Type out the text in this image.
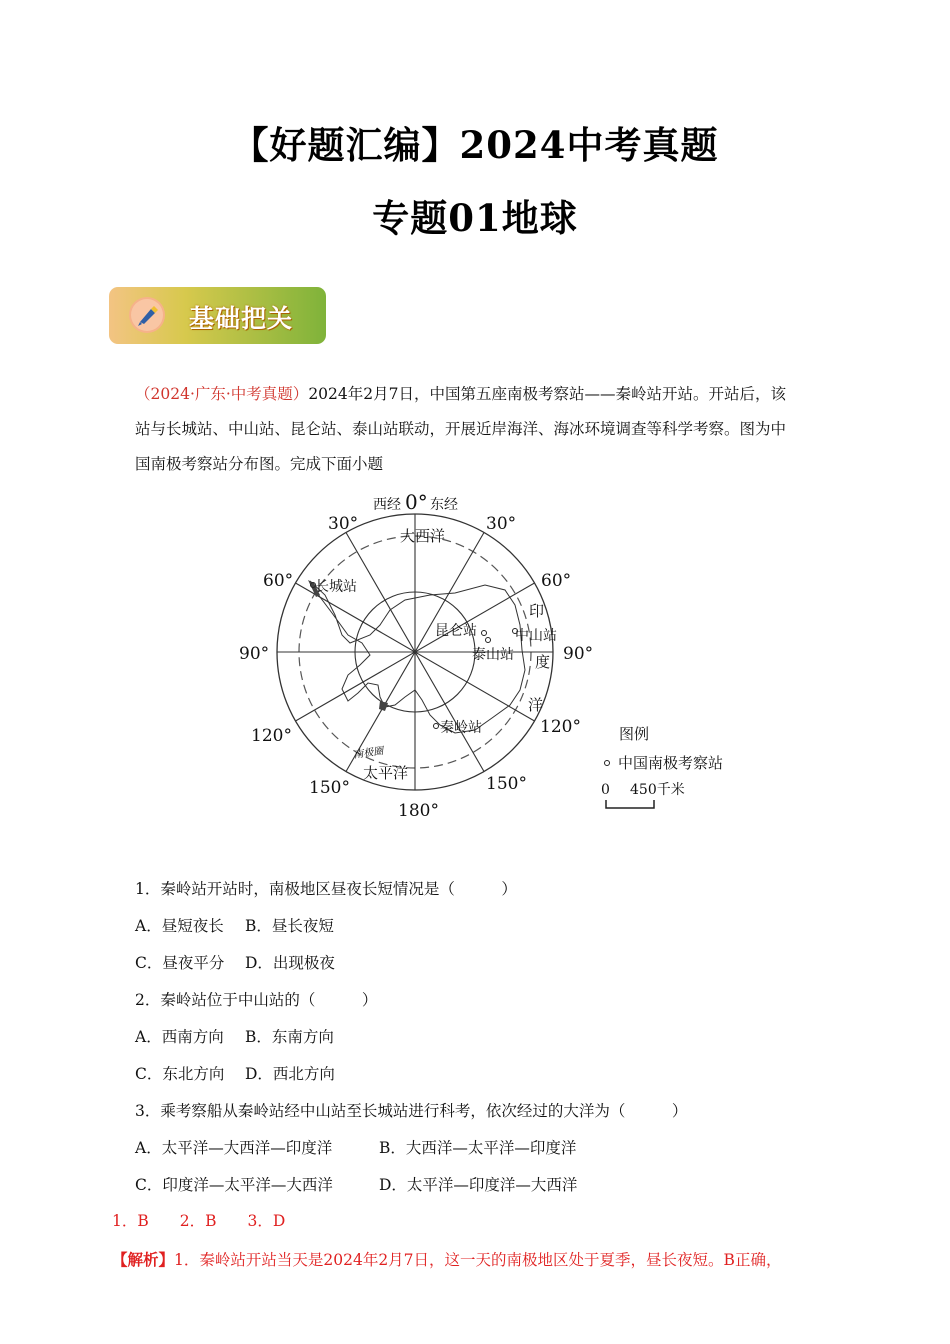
【好题汇编】2024中考真题
专题01地球
基础把关
（2024·广东·中考真题）2024年2月7日，中国第五座南极考察站——秦岭站开站。开站后，该
站与长城站、中山站、昆仑站、泰山站联动，开展近岸海洋、海冰环境调查等科学考察。图为中
国南极考察站分布图。完成下面小题
西经 0° 东经
30°	30°
60°	60°
90°	90°
120°	120°
150°	150°
180°
大西洋
太平洋
印
度
洋
长城站
昆仑站	中山站
泰山站
秦岭站
南极圈
图例
中国南极考察站
0 450千米
1．秦岭站开站时，南极地区昼夜长短情况是（　　　）
A．昼短夜长 B．昼长夜短
C．昼夜平分 D．出现极夜
2．秦岭站位于中山站的（　　　）
A．西南方向 B．东南方向
C．东北方向 D．西北方向
3．乘考察船从秦岭站经中山站至长城站进行科考，依次经过的大洋为（　　　）
A．太平洋—大西洋—印度洋	B．大西洋—太平洋—印度洋
C．印度洋—太平洋—大西洋	D．太平洋—印度洋—大西洋
1．B　　2．B　　3．D
【解析】1．秦岭站开站当天是2024年2月7日，这一天的南极地区处于夏季，昼长夜短。B正确，
